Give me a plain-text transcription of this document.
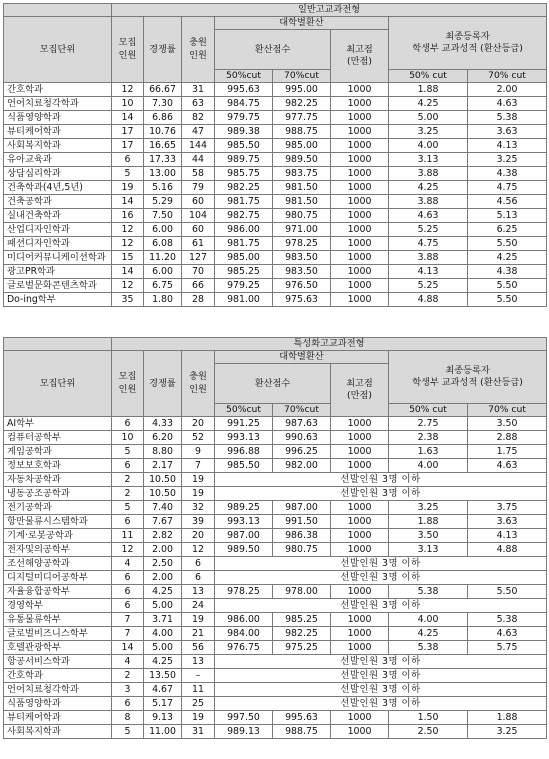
	일반고교과전형							
모집단위	모집
인원	경쟁률	충원
인원	대학별환산			최종등록자
학생부 교과성적 (환산등급)	

				환산점수		최고점
(만점)		

				50%cut	70%cut		50% cut	70% cut
간호학과	12	66.67	31	995.63	995.00	1000	1.88	2.00
언어치료청각학과	10	7.30	63	984.75	982.25	1000	4.25	4.63
식품영양학과	14	6.86	82	979.75	977.75	1000	5.00	5.38
뷰티케어학과	17	10.76	47	989.38	988.75	1000	3.25	3.63
사회복지학과	17	16.65	144	985.50	985.00	1000	4.00	4.13
유아교육과	6	17.33	44	989.75	989.50	1000	3.13	3.25
상담심리학과	5	13.00	58	985.75	983.75	1000	3.88	4.38
건축학과(4년,5년)	19	5.16	79	982.25	981.50	1000	4.25	4.75
건축공학과	14	5.29	60	981.75	981.50	1000	3.88	4.56
실내건축학과	16	7.50	104	982.75	980.75	1000	4.63	5.13
산업디자인학과	12	6.00	60	986.00	971.00	1000	5.25	6.25
패션디자인학과	12	6.08	61	981.75	978.25	1000	4.75	5.50
미디어커뮤니케이션학과	15	11.20	127	985.00	983.50	1000	3.88	4.25
광고PR학과	14	6.00	70	985.25	983.50	1000	4.13	4.38
글로벌문화콘텐츠학과	12	6.75	66	979.25	976.50	1000	5.25	5.50
Do-ing학부	35	1.80	28	981.00	975.63	1000	4.88	5.50
	특성화고교과전형							
모집단위	모집
인원	경쟁률	충원
인원	대학별환산			최종등록자
학생부 교과성적 (환산등급)	

				환산점수		최고점
(만점)		

				50%cut	70%cut		50% cut	70% cut
AI학부	6	4.33	20	991.25	987.63	1000	2.75	3.50
컴퓨터공학부	10	6.20	52	993.13	990.63	1000	2.38	2.88
게임공학과	5	8.80	9	996.88	996.25	1000	1.63	1.75
정보보호학과	6	2.17	7	985.50	982.00	1000	4.00	4.63
자동차공학과	2	10.50	19	선발인원 3명 이하				
냉동공조공학과	2	10.50	19	선발인원 3명 이하				
전기공학과	5	7.40	32	989.25	987.00	1000	3.25	3.75
항만물류시스템학과	6	7.67	39	993.13	991.50	1000	1.88	3.63
기계·로봇공학과	11	2.82	20	987.00	986.38	1000	3.50	4.13
전자및의공학부	12	2.00	12	989.50	980.75	1000	3.13	4.88
조선해양공학과	4	2.50	6	선발인원 3명 이하				
디지털미디어공학부	6	2.00	6	선발인원 3명 이하				
자율융합공학부	6	4.25	13	978.25	978.00	1000	5.38	5.50
경영학부	6	5.00	24	선발인원 3명 이하				
유통물류학부	7	3.71	19	986.00	985.25	1000	4.00	5.38
글로벌비즈니스학부	7	4.00	21	984.00	982.25	1000	4.25	4.63
호텔관광학부	14	5.00	56	976.75	975.25	1000	5.38	5.75
항공서비스학과	4	4.25	13	선발인원 3명 이하				
간호학과	2	13.50	–	선발인원 3명 이하				
언어치료청각학과	3	4.67	11	선발인원 3명 이하				
식품영양학과	6	5.17	25	선발인원 3명 이하				
뷰티케어학과	8	9.13	19	997.50	995.63	1000	1.50	1.88
사회복지학과	5	11.00	31	989.13	988.75	1000	2.50	3.25
